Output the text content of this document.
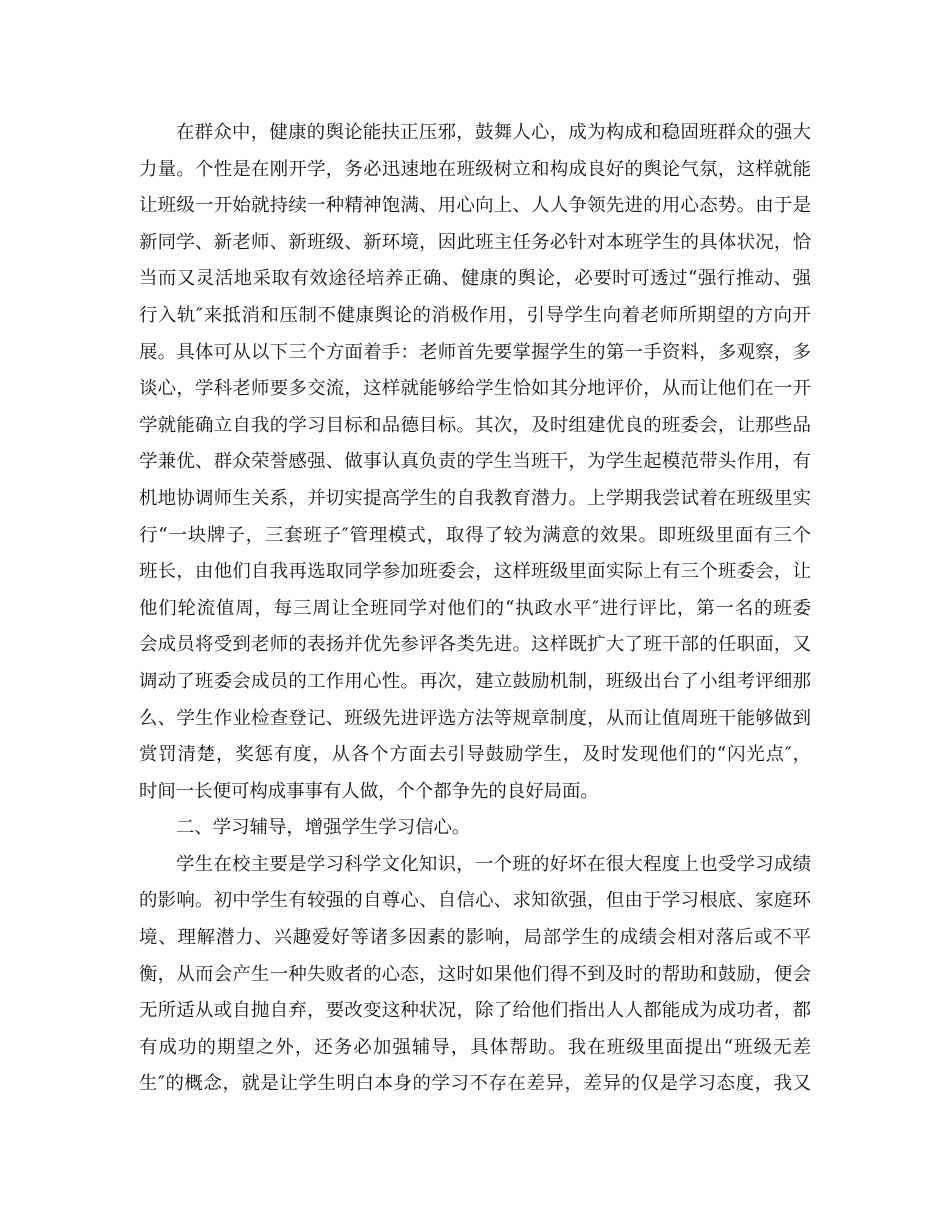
在群众中，健康的舆论能扶正压邪，鼓舞人心，成为构成和稳固班群众的强大
力量。个性是在刚开学，务必迅速地在班级树立和构成良好的舆论气氛，这样就能
让班级一开始就持续一种精神饱满、用心向上、人人争领先进的用心态势。由于是
新同学、新老师、新班级、新环境，因此班主任务必针对本班学生的具体状况，恰
当而又灵活地采取有效途径培养正确、健康的舆论，必要时可透过“强行推动、强
行入轨″来抵消和压制不健康舆论的消极作用，引导学生向着老师所期望的方向开
展。具体可从以下三个方面着手：老师首先要掌握学生的第一手资料，多观察，多
谈心，学科老师要多交流，这样就能够给学生恰如其分地评价，从而让他们在一开
学就能确立自我的学习目标和品德目标。其次，及时组建优良的班委会，让那些品
学兼优、群众荣誉感强、做事认真负责的学生当班干，为学生起模范带头作用，有
机地协调师生关系，并切实提高学生的自我教育潜力。上学期我尝试着在班级里实
行“一块牌子，三套班子″管理模式，取得了较为满意的效果。即班级里面有三个
班长，由他们自我再选取同学参加班委会，这样班级里面实际上有三个班委会，让
他们轮流值周，每三周让全班同学对他们的“执政水平″进行评比，第一名的班委
会成员将受到老师的表扬并优先参评各类先进。这样既扩大了班干部的任职面，又
调动了班委会成员的工作用心性。再次，建立鼓励机制，班级出台了小组考评细那
么、学生作业检查登记、班级先进评选方法等规章制度，从而让值周班干能够做到
赏罚清楚，奖惩有度，从各个方面去引导鼓励学生，及时发现他们的“闪光点″，
时间一长便可构成事事有人做，个个都争先的良好局面。
二、学习辅导，增强学生学习信心。
学生在校主要是学习科学文化知识，一个班的好坏在很大程度上也受学习成绩
的影响。初中学生有较强的自尊心、自信心、求知欲强，但由于学习根底、家庭环
境、理解潜力、兴趣爱好等诸多因素的影响，局部学生的成绩会相对落后或不平
衡，从而会产生一种失败者的心态，这时如果他们得不到及时的帮助和鼓励，便会
无所适从或自抛自弃，要改变这种状况，除了给他们指出人人都能成为成功者，都
有成功的期望之外，还务必加强辅导，具体帮助。我在班级里面提出“班级无差
生″的概念，就是让学生明白本身的学习不存在差异，差异的仅是学习态度，我又
